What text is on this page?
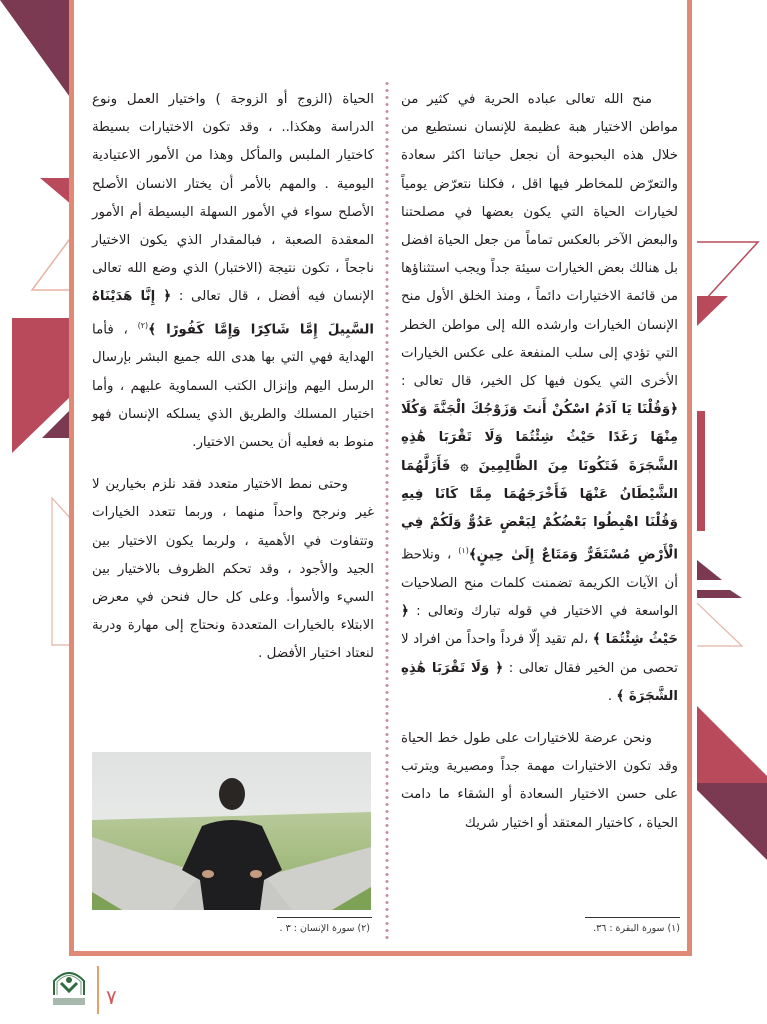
منح الله تعالى عباده الحرية في كثير من مواطن الاختيار هبة عظيمة للإنسان نستطيع من خلال هذه البحبوحة أن نجعل حياتنا اكثر سعادة والتعرّض للمخاطر فيها اقل ، فكلنا نتعرّض يومياً لخيارات الحياة التي يكون بعضها في مصلحتنا والبعض الآخر بالعكس تماماً من جعل الحياة افضل بل هنالك بعض الخيارات سيئة جداً ويجب استثناؤها من قائمة الاختيارات دائماً ، ومنذ الخلق الأول منح الإنسان الخيارات وارشده الله إلى مواطن الخطر التي تؤدي إلى سلب المنفعة على عكس الخيارات الأخرى التي يكون فيها كل الخير، قال تعالى : ﴿وَقُلْنَا يَا آدَمُ اسْكُنْ أَنتَ وَزَوْجُكَ الْجَنَّةَ وَكُلَا مِنْهَا رَغَدًا حَيْثُ شِئْتُمَا وَلَا تَقْرَبَا هَٰذِهِ الشَّجَرَةَ فَتَكُونَا مِنَ الظَّالِمِينَ ۞ فَأَزَلَّهُمَا الشَّيْطَانُ عَنْهَا فَأَخْرَجَهُمَا مِمَّا كَانَا فِيهِ وَقُلْنَا اهْبِطُوا بَعْضُكُمْ لِبَعْضٍ عَدُوٌّ وَلَكُمْ فِي الْأَرْضِ مُسْتَقَرٌّ وَمَتَاعٌ إِلَىٰ حِينٍ﴾$^{(١)}$ ، ونلاحظ أن الآيات الكريمة تضمنت كلمات منح الصلاحيات الواسعة في الاختيار في قوله تبارك وتعالى : ﴿ حَيْثُ شِئْتُمَا ﴾ ،لم تقيد إلّا فرداً واحداً من افراد لا تحصى من الخير فقال تعالى : ﴿ وَلَا تَقْرَبَا هَٰذِهِ الشَّجَرَةَ ﴾ .

ونحن عرضة للاختيارات على طول خط الحياة وقد تكون الاختيارات مهمة جداً ومصيرية ويترتب على حسن الاختيار السعادة أو الشقاء ما دامت الحياة ، كاختيار المعتقد أو اختيار شريك

(١) سورة البقرة : ٣٦.

الحياة (الزوج أو الزوجة ) واختيار العمل ونوع الدراسة وهكذا.. ، وقد تكون الاختيارات بسيطة كاختيار الملبس والمأكل وهذا من الأمور الاعتيادية اليومية . والمهم بالأمر أن يختار الانسان الأصلح الأصلح سواء في الأمور السهلة البسيطة أم الأمور المعقدة الصعبة ، فبالمقدار الذي يكون الاختيار ناجحاً ، تكون نتيجة (الاختبار) الذي وضع الله تعالى الإنسان فيه أفضل ، قال تعالى : ﴿ إِنَّا هَدَيْنَاهُ السَّبِيلَ إِمَّا شَاكِرًا وَإِمَّا كَفُورًا ﴾$^{(٢)}$ ، فأما الهداية فهي التي بها هدى الله جميع البشر بإرسال الرسل اليهم وإنزال الكتب السماوية عليهم ، وأما اختيار المسلك والطريق الذي يسلكه الإنسان فهو منوط به فعليه أن يحسن الاختيار.

وحتى نمط الاختيار متعدد فقد نلزم بخيارين لا غير ونرجح واحداً منهما ، وربما تتعدد الخيارات وتتفاوت في الأهمية ، ولربما يكون الاختيار بين الجيد والأجود ، وقد تحكم الظروف بالاختيار بين السيء والأسوأ. وعلى كل حال فنحن في معرض الابتلاء بالخيارات المتعددة ونحتاج إلى مهارة ودربة لنعتاد اختيار الأفضل .

(٢) سورة الإنسان : ٣ .
٧
